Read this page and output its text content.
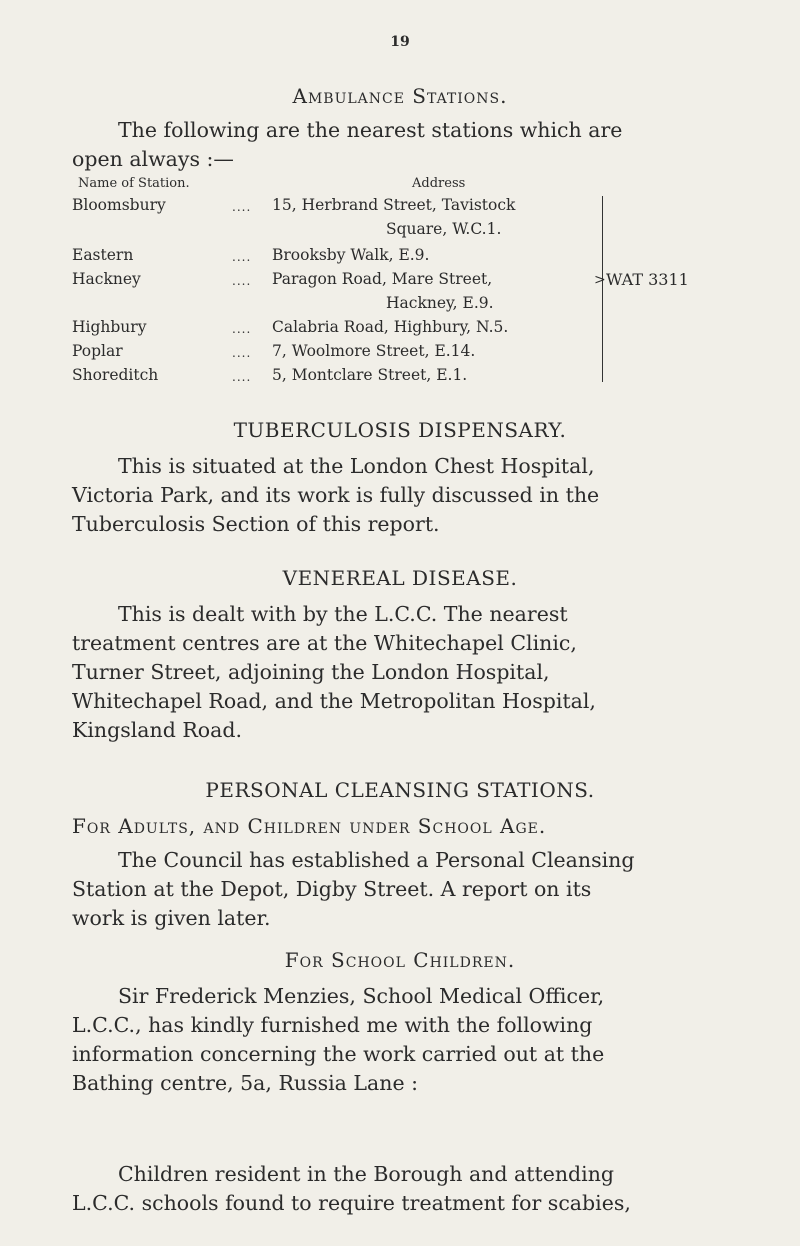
19
Ambulance Stations.
The following are the nearest stations which are
open always :—
Name of Station.	Address
Bloomsbury	.... 15, Herbrand Street, Tavistock
Square, W.C.1.
Eastern	.... Brooksby Walk, E.9.
Hackney	.... Paragon Road, Mare Street,
Hackney, E.9.
Highbury	.... Calabria Road, Highbury, N.5.
Poplar	.... 7, Woolmore Street, E.14.
Shoreditch	.... 5, Montclare Street, E.1.
> WAT 3311
TUBERCULOSIS DISPENSARY.
This is situated at the London Chest Hospital,
Victoria Park, and its work is fully discussed in the
Tuberculosis Section of this report.
VENEREAL DISEASE.
This is dealt with by the L.C.C. The nearest
treatment centres are at the Whitechapel Clinic,
Turner Street, adjoining the London Hospital,
Whitechapel Road, and the Metropolitan Hospital,
Kingsland Road.
PERSONAL CLEANSING STATIONS.
For Adults, and Children under School Age.
The Council has established a Personal Cleansing
Station at the Depot, Digby Street. A report on its
work is given later.
For School Children.
Sir Frederick Menzies, School Medical Officer,
L.C.C., has kindly furnished me with the following
information concerning the work carried out at the
Bathing centre, 5a, Russia Lane :
Children resident in the Borough and attending
L.C.C. schools found to require treatment for scabies,
